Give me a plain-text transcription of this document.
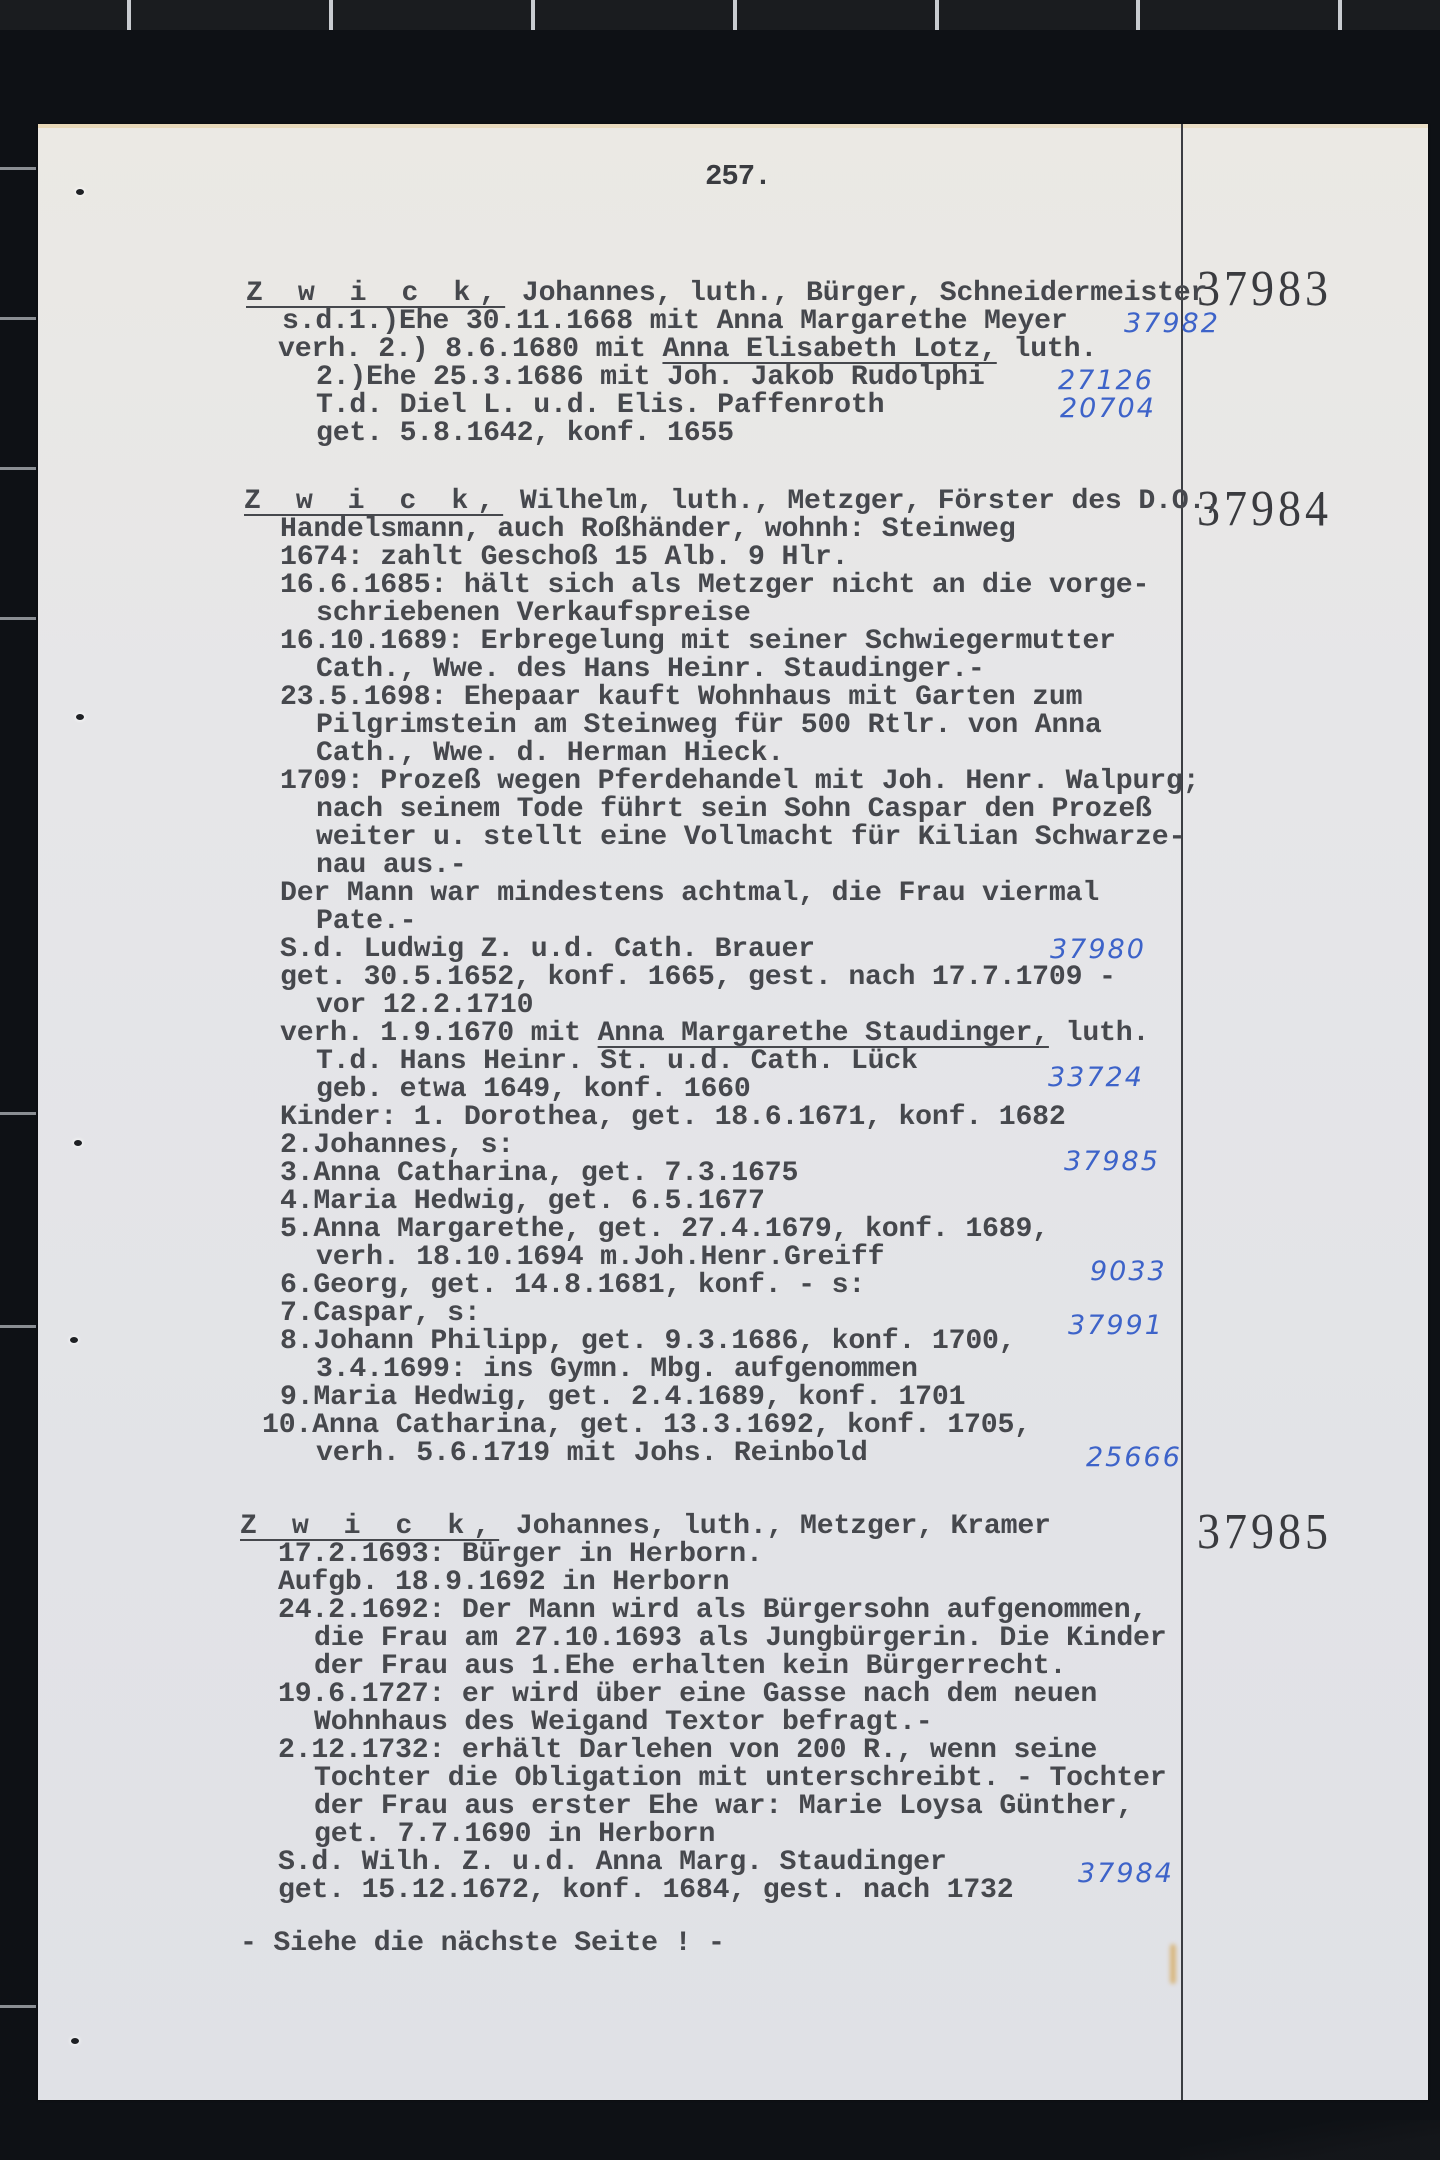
257.
37983
Z w i c k, Johannes, luth., Bürger, Schneidermeister
s.d.1.)Ehe 30.11.1668 mit Anna Margarethe Meyer
verh. 2.) 8.6.1680 mit Anna Elisabeth Lotz, luth.
2.)Ehe 25.3.1686 mit Joh. Jakob Rudolphi
T.d. Diel L. u.d. Elis. Paffenroth
get. 5.8.1642, konf. 1655
37982
27126
20704
37984
Z w i c k, Wilhelm, luth., Metzger, Förster des D.O.,
Handelsmann, auch Roßhänder, wohnh: Steinweg
1674: zahlt Geschoß 15 Alb. 9 Hlr.
16.6.1685: hält sich als Metzger nicht an die vorge-
schriebenen Verkaufspreise
16.10.1689: Erbregelung mit seiner Schwiegermutter
Cath., Wwe. des Hans Heinr. Staudinger.-
23.5.1698: Ehepaar kauft Wohnhaus mit Garten zum
Pilgrimstein am Steinweg für 500 Rtlr. von Anna
Cath., Wwe. d. Herman Hieck.
1709: Prozeß wegen Pferdehandel mit Joh. Henr. Walpurg;
nach seinem Tode führt sein Sohn Caspar den Prozeß
weiter u. stellt eine Vollmacht für Kilian Schwarze-
nau aus.-
Der Mann war mindestens achtmal, die Frau viermal
Pate.-
S.d. Ludwig Z. u.d. Cath. Brauer
get. 30.5.1652, konf. 1665, gest. nach 17.7.1709 -
vor 12.2.1710
verh. 1.9.1670 mit Anna Margarethe Staudinger, luth.
T.d. Hans Heinr. St. u.d. Cath. Lück
geb. etwa 1649, konf. 1660
Kinder: 1. Dorothea, get. 18.6.1671, konf. 1682
2.Johannes, s:
3.Anna Catharina, get. 7.3.1675
4.Maria Hedwig, get. 6.5.1677
5.Anna Margarethe, get. 27.4.1679, konf. 1689,
verh. 18.10.1694 m.Joh.Henr.Greiff
6.Georg, get. 14.8.1681, konf. - s:
7.Caspar, s:
8.Johann Philipp, get. 9.3.1686, konf. 1700,
3.4.1699: ins Gymn. Mbg. aufgenommen
9.Maria Hedwig, get. 2.4.1689, konf. 1701
10.Anna Catharina, get. 13.3.1692, konf. 1705,
verh. 5.6.1719 mit Johs. Reinbold
37980
33724
37985
9033
37991
25666
37985
Z w i c k, Johannes, luth., Metzger, Kramer
17.2.1693: Bürger in Herborn.
Aufgb. 18.9.1692 in Herborn
24.2.1692: Der Mann wird als Bürgersohn aufgenommen,
die Frau am 27.10.1693 als Jungbürgerin. Die Kinder
der Frau aus 1.Ehe erhalten kein Bürgerrecht.
19.6.1727: er wird über eine Gasse nach dem neuen
Wohnhaus des Weigand Textor befragt.-
2.12.1732: erhält Darlehen von 200 R., wenn seine
Tochter die Obligation mit unterschreibt. - Tochter
der Frau aus erster Ehe war: Marie Loysa Günther,
get. 7.7.1690 in Herborn
S.d. Wilh. Z. u.d. Anna Marg. Staudinger
get. 15.12.1672, konf. 1684, gest. nach 1732
37984
- Siehe die nächste Seite ! -
